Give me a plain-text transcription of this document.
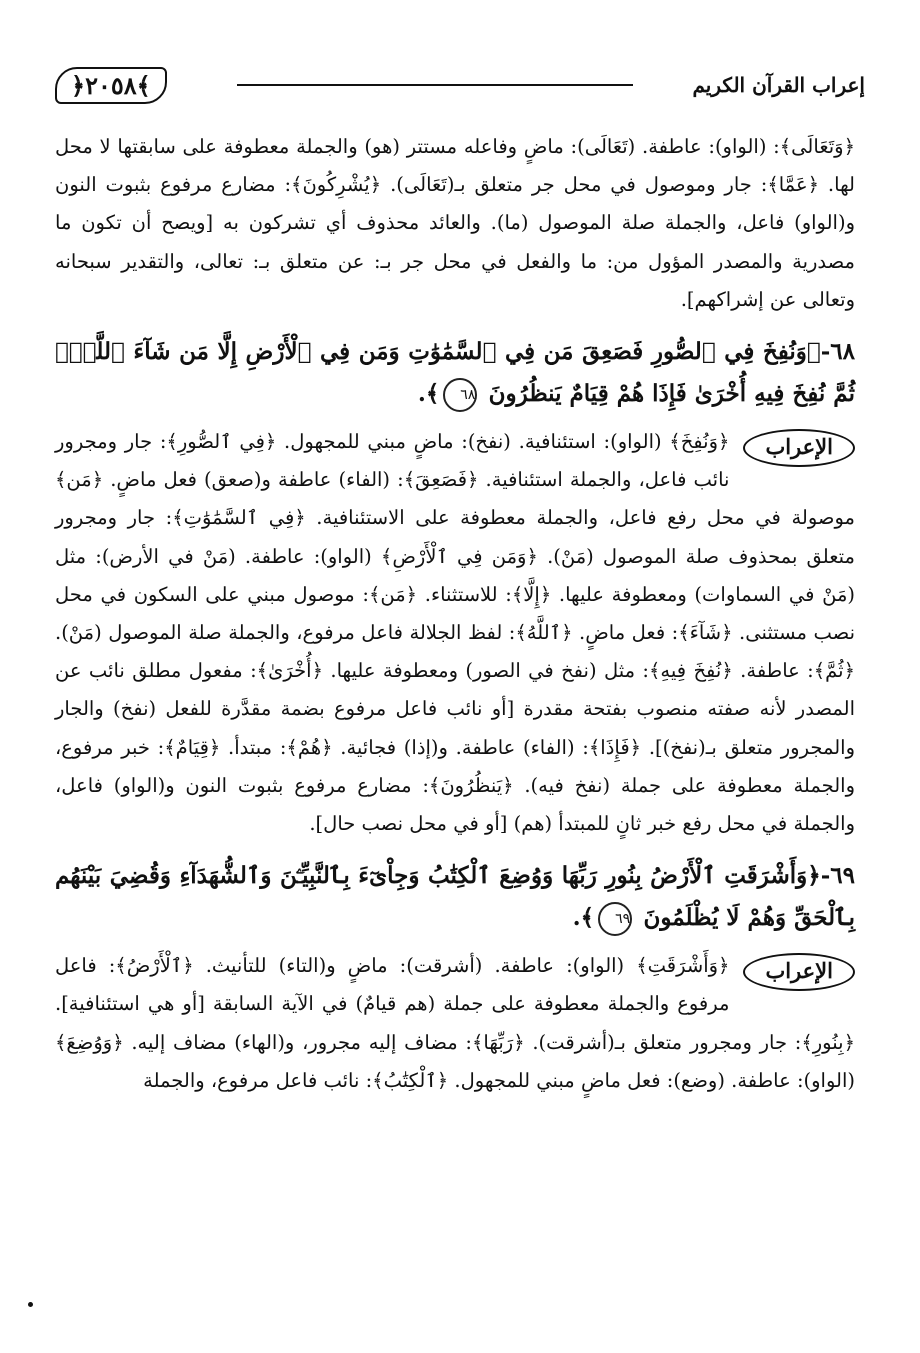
﴿٢٠٥٨﴾	إعراب القرآن الكريم

﴿وَتَعَالَى﴾: (الواو): عاطفة. (تَعَالَى): ماضٍ وفاعله مستتر (هو) والجملة معطوفة على سابقتها لا محل لها. ﴿عَمَّا﴾: جار وموصول في محل جر متعلق بـ(تَعَالَى). ﴿يُشْرِكُونَ﴾: مضارع مرفوع بثبوت النون و(الواو) فاعل، والجملة صلة الموصول (ما). والعائد محذوف أي تشركون به [ويصح أن تكون ما مصدرية والمصدر المؤول من: ما والفعل في محل جر بـ: عن متعلق بـ: تعالى، والتقدير سبحانه وتعالى عن إشراكهم].

٦٨-﴿وَنُفِخَ فِي ٱلصُّورِ فَصَعِقَ مَن فِي ٱلسَّمَٰوَٰتِ وَمَن فِي ٱلْأَرْضِ إِلَّا مَن شَآءَ ٱللَّهُۖ ثُمَّ نُفِخَ فِيهِ أُخْرَىٰ فَإِذَا هُمْ قِيَامٌ يَنظُرُونَ ٦٨﴾.
الإعراب

﴿وَنُفِخَ﴾ (الواو): استئنافية. (نفخ): ماضٍ مبني للمجهول. ﴿فِي ٱلصُّورِ﴾: جار ومجرور نائب فاعل، والجملة استئنافية. ﴿فَصَعِقَ﴾: (الفاء) عاطفة و(صعق) فعل ماضٍ. ﴿مَن﴾ موصولة في محل رفع فاعل، والجملة معطوفة على الاستئنافية. ﴿فِي ٱلسَّمَٰوَٰتِ﴾: جار ومجرور متعلق بمحذوف صلة الموصول (مَنْ). ﴿وَمَن فِي ٱلْأَرْضِ﴾ (الواو): عاطفة. (مَنْ في الأرض): مثل (مَنْ في السماوات) ومعطوفة عليها. ﴿إِلَّا﴾: للاستثناء. ﴿مَن﴾: موصول مبني على السكون في محل نصب مستثنى. ﴿شَآءَ﴾: فعل ماضٍ. ﴿ٱللَّهُ﴾: لفظ الجلالة فاعل مرفوع، والجملة صلة الموصول (مَنْ). ﴿ثُمَّ﴾: عاطفة. ﴿نُفِخَ فِيهِ﴾: مثل (نفخ في الصور) ومعطوفة عليها. ﴿أُخْرَىٰ﴾: مفعول مطلق نائب عن المصدر لأنه صفته منصوب بفتحة مقدرة [أو نائب فاعل مرفوع بضمة مقدَّرة للفعل (نفخ) والجار والمجرور متعلق بـ(نفخ)]. ﴿فَإِذَا﴾: (الفاء) عاطفة. و(إذا) فجائية. ﴿هُمْ﴾: مبتدأ. ﴿قِيَامٌ﴾: خبر مرفوع، والجملة معطوفة على جملة (نفخ فيه). ﴿يَنظُرُونَ﴾: مضارع مرفوع بثبوت النون و(الواو) فاعل، والجملة في محل رفع خبر ثانٍ للمبتدأ (هم) [أو في محل نصب حال].

٦٩-﴿وَأَشْرَقَتِ ٱلْأَرْضُ بِنُورِ رَبِّهَا وَوُضِعَ ٱلْكِتَٰبُ وَجِاْىٓءَ بِٱلنَّبِيِّـۧنَ وَٱلشُّهَدَآءِ وَقُضِيَ بَيْنَهُم بِٱلْحَقِّ وَهُمْ لَا يُظْلَمُونَ ٦٩﴾.
الإعراب

﴿وَأَشْرَقَتِ﴾ (الواو): عاطفة. (أشرقت): ماضٍ و(التاء) للتأنيث. ﴿ٱلْأَرْضُ﴾: فاعل مرفوع والجملة معطوفة على جملة (هم قيامٌ) في الآية السابقة [أو هي استئنافية]. ﴿بِنُورِ﴾: جار ومجرور متعلق بـ(أشرقت). ﴿رَبِّهَا﴾: مضاف إليه مجرور، و(الهاء) مضاف إليه. ﴿وَوُضِعَ﴾ (الواو): عاطفة. (وضع): فعل ماضٍ مبني للمجهول. ﴿ٱلْكِتَٰبُ﴾: نائب فاعل مرفوع، والجملة
